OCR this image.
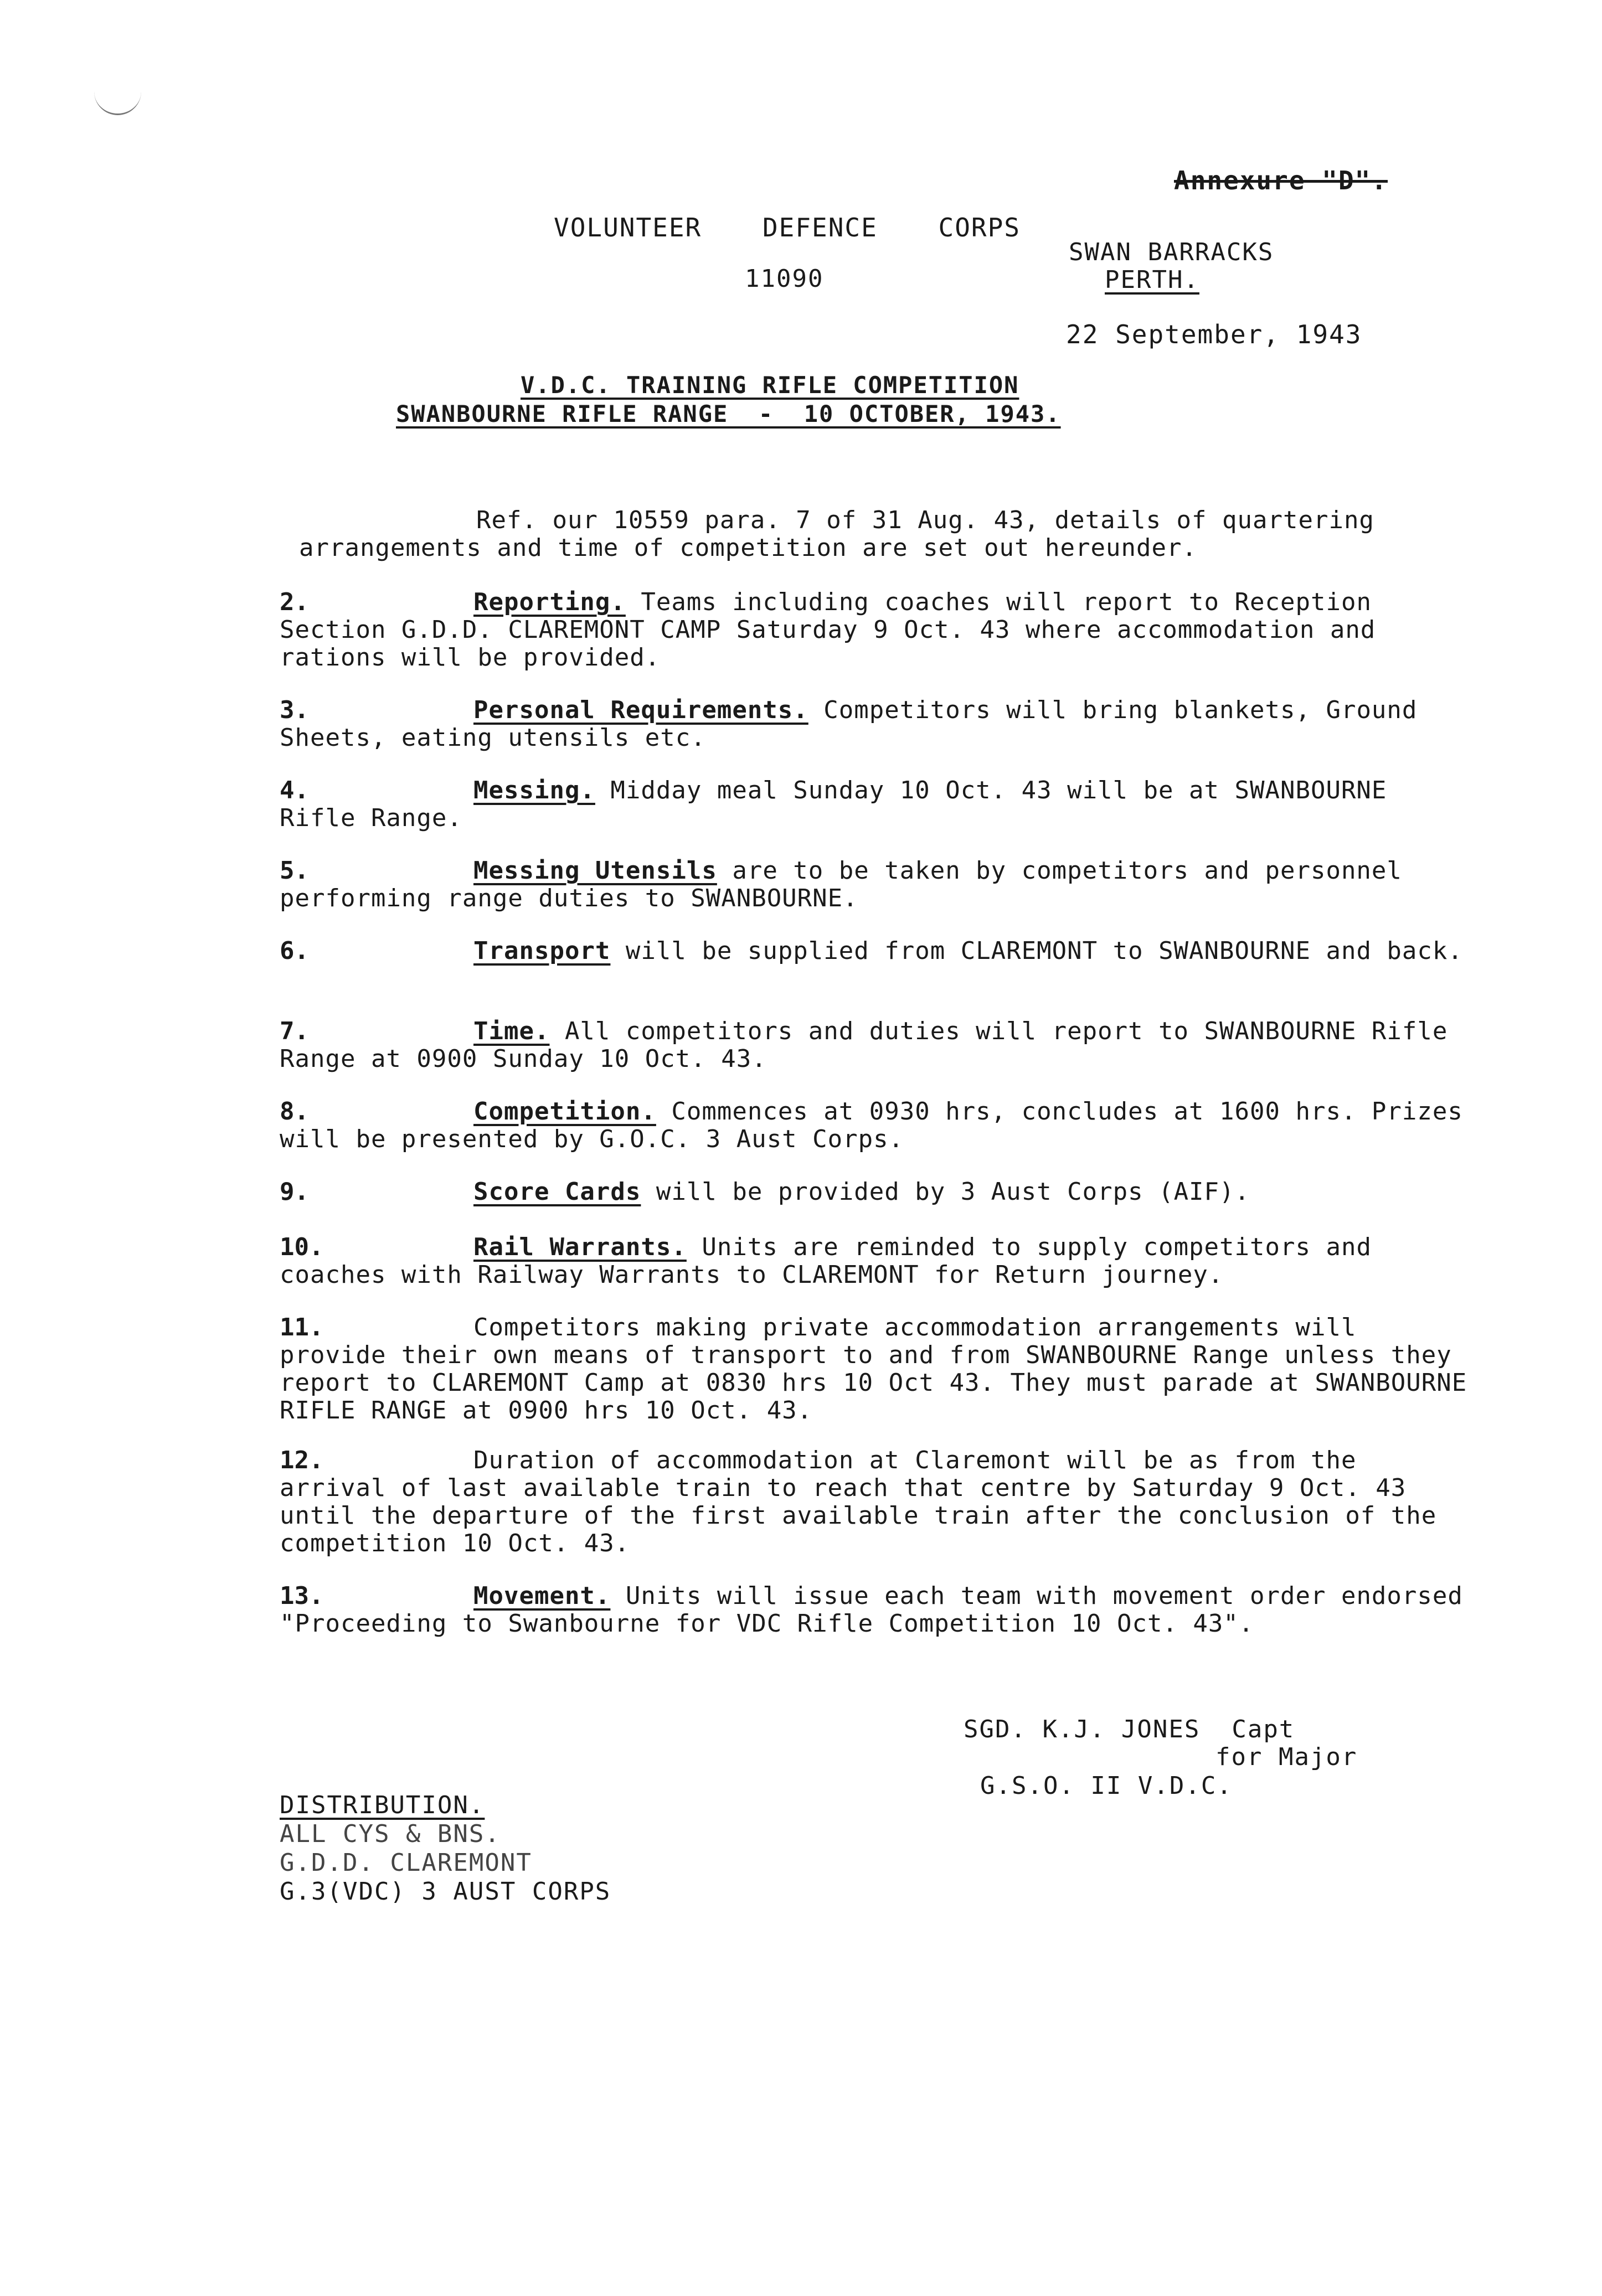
Annexure "D".
VOLUNTEER DEFENCE CORPS
11090
SWAN BARRACKS
PERTH.
22 September, 1943
V.D.C. TRAINING RIFLE COMPETITION
SWANBOURNE RIFLE RANGE  -  10 OCTOBER, 1943.
Ref. our 10559 para. 7 of 31 Aug. 43, details of quartering arrangements and time of competition are set out hereunder.
2.	Reporting. Teams including coaches will report to Reception Section G.D.D. CLAREMONT CAMP Saturday 9 Oct. 43 where accommodation and rations will be provided.
3.	Personal Requirements. Competitors will bring blankets, Ground Sheets, eating utensils etc.
4.	Messing. Midday meal Sunday 10 Oct. 43 will be at SWANBOURNE Rifle Range.
5.	Messing Utensils are to be taken by competitors and personnel performing range duties to SWANBOURNE.
6.	Transport will be supplied from CLAREMONT to SWANBOURNE and back.
7.	Time. All competitors and duties will report to SWANBOURNE Rifle Range at 0900 Sunday 10 Oct. 43.
8.	Competition. Commences at 0930 hrs, concludes at 1600 hrs. Prizes will be presented by G.O.C. 3 Aust Corps.
9.	Score Cards will be provided by 3 Aust Corps (AIF).
10.	Rail Warrants. Units are reminded to supply competitors and coaches with Railway Warrants to CLAREMONT for Return journey.
11.	Competitors making private accommodation arrangements will provide their own means of transport to and from SWANBOURNE Range unless they report to CLAREMONT Camp at 0830 hrs 10 Oct 43. They must parade at SWANBOURNE RIFLE RANGE at 0900 hrs 10 Oct. 43.
12.	Duration of accommodation at Claremont will be as from the arrival of last available train to reach that centre by Saturday 9 Oct. 43 until the departure of the first available train after the conclusion of the competition 10 Oct. 43.
13.	Movement. Units will issue each team with movement order endorsed "Proceeding to Swanbourne for VDC Rifle Competition 10 Oct. 43".
SGD. K.J. JONES  Capt
for Major
G.S.O. II V.D.C.
DISTRIBUTION.
ALL CYS & BNS.
G.D.D. CLAREMONT
G.3(VDC) 3 AUST CORPS
